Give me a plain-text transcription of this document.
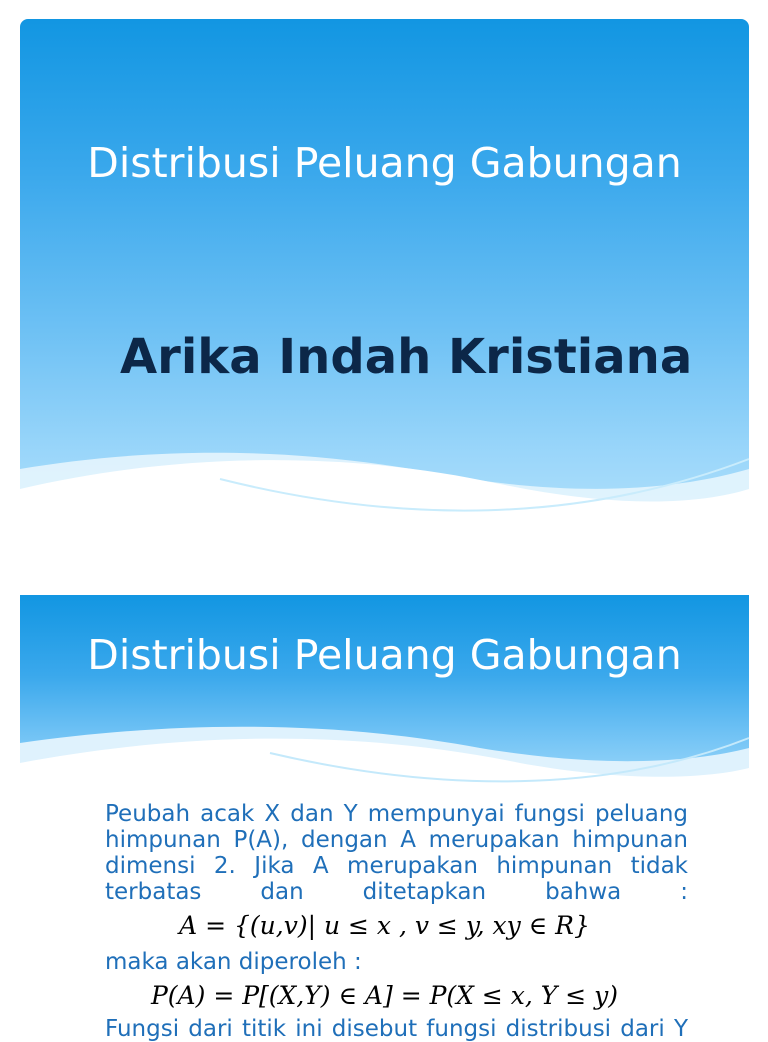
Distribusi Peluang Gabungan
Arika Indah Kristiana
Distribusi Peluang Gabungan

Peubah acak X dan Y mempunyai fungsi peluang himpunan P(A), dengan A merupakan himpunan dimensi 2. Jika A merupakan himpunan tidak terbatas dan ditetapkan bahwa :

A = {(u,v)| u ≤ x , v ≤ y, xy ∈ R}

maka akan diperoleh :

P(A) = P[(X,Y) ∈ A] = P(X ≤ x, Y ≤ y)

Fungsi dari titik ini disebut fungsi distribusi dari Y
